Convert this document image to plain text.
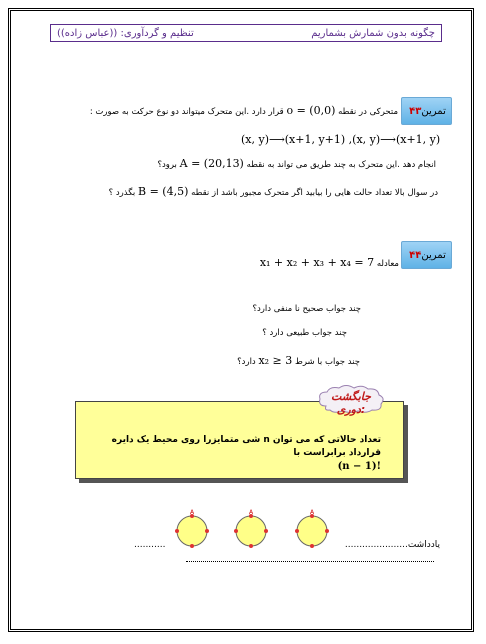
چگونه بدون شمارش بشماریم
تنظیم و گردآوری: ((عباس زاده))
تمرین
۴۳
متحرکی در نقطه o = (0,0) قرار دارد .این متحرک میتواند دو نوع حرکت به صورت :
(x, y)⟶(x+1, y+1) ,(x, y)⟶(x+1, y)
انجام دهد .این متحرک به چند طریق می تواند به نقطه A = (20,13) برود؟
در سوال بالا تعداد حالت هایی را بیابید اگر متحرک مجبور باشد از نقطه B = (4,5) بگذرد ؟
تمرین
۴۴
معادله x₁ + x₂ + x₃ + x₄ = 7
چند جواب صحیح نا منفی دارد؟
چند جواب طبیعی دارد ؟
چند جواب با شرط x₂ ≥ 3 دارد؟
تعداد حالاتی که می توان n شی متمایزرا روی محیط یک دایره قرارداد برابراست با
(n − 1)!
جابگشت دوری:
A	A	A
یادداشت......................
...........
